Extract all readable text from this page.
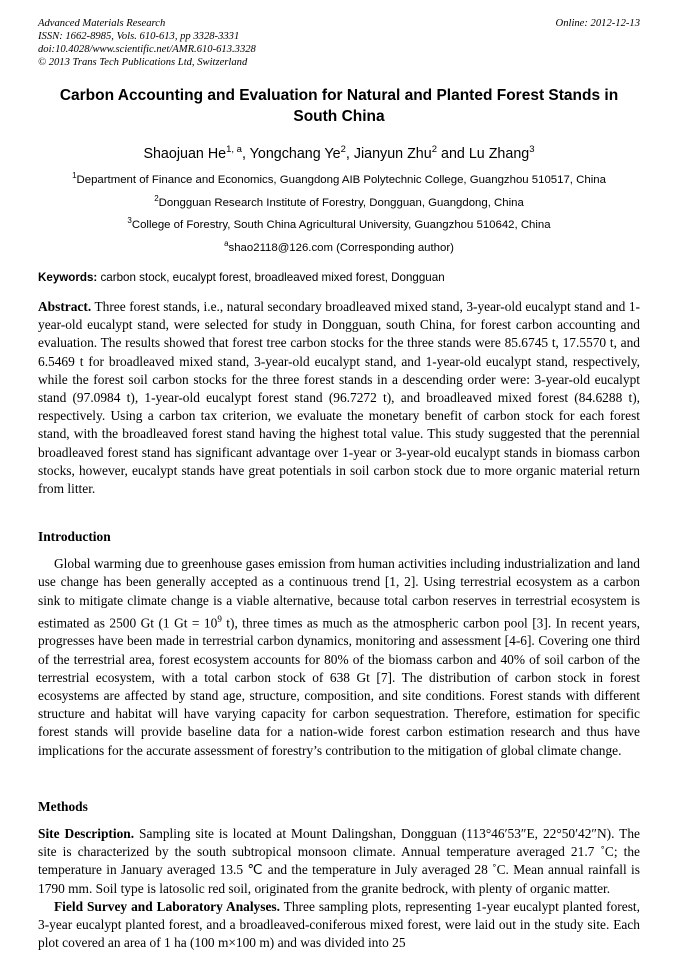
Advanced Materials Research
ISSN: 1662-8985, Vols. 610-613, pp 3328-3331
doi:10.4028/www.scientific.net/AMR.610-613.3328
© 2013 Trans Tech Publications Ltd, Switzerland
Online: 2012-12-13
Carbon Accounting and Evaluation for Natural and Planted Forest Stands in South China
Shaojuan He$^{1, a}$, Yongchang Ye$^2$, Jianyun Zhu$^2$ and Lu Zhang$^3$
$^1$Department of Finance and Economics, Guangdong AIB Polytechnic College, Guangzhou 510517, China
$^2$Dongguan Research Institute of Forestry, Dongguan, Guangdong, China
$^3$College of Forestry, South China Agricultural University, Guangzhou 510642, China
$^a$shao2118@126.com (Corresponding author)
Keywords: carbon stock, eucalypt forest, broadleaved mixed forest, Dongguan

Abstract. Three forest stands, i.e., natural secondary broadleaved mixed stand, 3-year-old eucalypt stand and 1-year-old eucalypt stand, were selected for study in Dongguan, south China, for forest carbon accounting and evaluation. The results showed that forest tree carbon stocks for the three stands were 85.6745 t, 17.5570 t, and 6.5469 t for broadleaved mixed stand, 3-year-old eucalypt stand, and 1-year-old eucalypt stand, respectively, while the forest soil carbon stocks for the three forest stands in a descending order were: 3-year-old eucalypt stand (97.0984 t), 1-year-old eucalypt forest stand (96.7272 t), and broadleaved mixed forest (84.6288 t), respectively. Using a carbon tax criterion, we evaluate the monetary benefit of carbon stock for each forest stand, with the broadleaved forest stand having the highest total value. This study suggested that the perennial broadleaved forest stand has significant advantage over 1-year or 3-year-old eucalypt stands in biomass carbon stocks, however, eucalypt stands have great potentials in soil carbon stock due to more organic material return from litter.

Introduction

Global warming due to greenhouse gases emission from human activities including industrialization and land use change has been generally accepted as a continuous trend [1, 2]. Using terrestrial ecosystem as a carbon sink to mitigate climate change is a viable alternative, because total carbon reserves in terrestrial ecosystem is estimated as 2500 Gt (1 $Gt = 10^9$ t), three times as much as the atmospheric carbon pool [3]. In recent years, progresses have been made in terrestrial carbon dynamics, monitoring and assessment [4-6]. Covering one third of the terrestrial area, forest ecosystem accounts for 80% of the biomass carbon and 40% of soil carbon of the terrestrial ecosystem, with a total carbon stock of 638 Gt [7]. The distribution of carbon stock in forest ecosystems are affected by stand age, structure, composition, and site conditions. Forest stands with different structure and habitat will have varying capacity for carbon sequestration. Therefore, estimation for specific forest stands will provide baseline data for a nation-wide forest carbon estimation research and thus have implications for the accurate assessment of forestry’s contribution to the mitigation of global climate change.

Methods

Site Description. Sampling site is located at Mount Dalingshan, Dongguan (113°46′53″E, 22°50′42″N). The site is characterized by the south subtropical monsoon climate. Annual temperature averaged 21.7 ˚C; the temperature in January averaged 13.5 ℃ and the temperature in July averaged 28 ˚C. Mean annual rainfall is 1790 mm. Soil type is latosolic red soil, originated from the granite bedrock, with plenty of organic matter.

Field Survey and Laboratory Analyses. Three sampling plots, representing 1-year eucalypt planted forest, 3-year eucalypt planted forest, and a broadleaved-coniferous mixed forest, were laid out in the study site. Each plot covered an area of 1 ha (100 m×100 m) and was divided into 25
